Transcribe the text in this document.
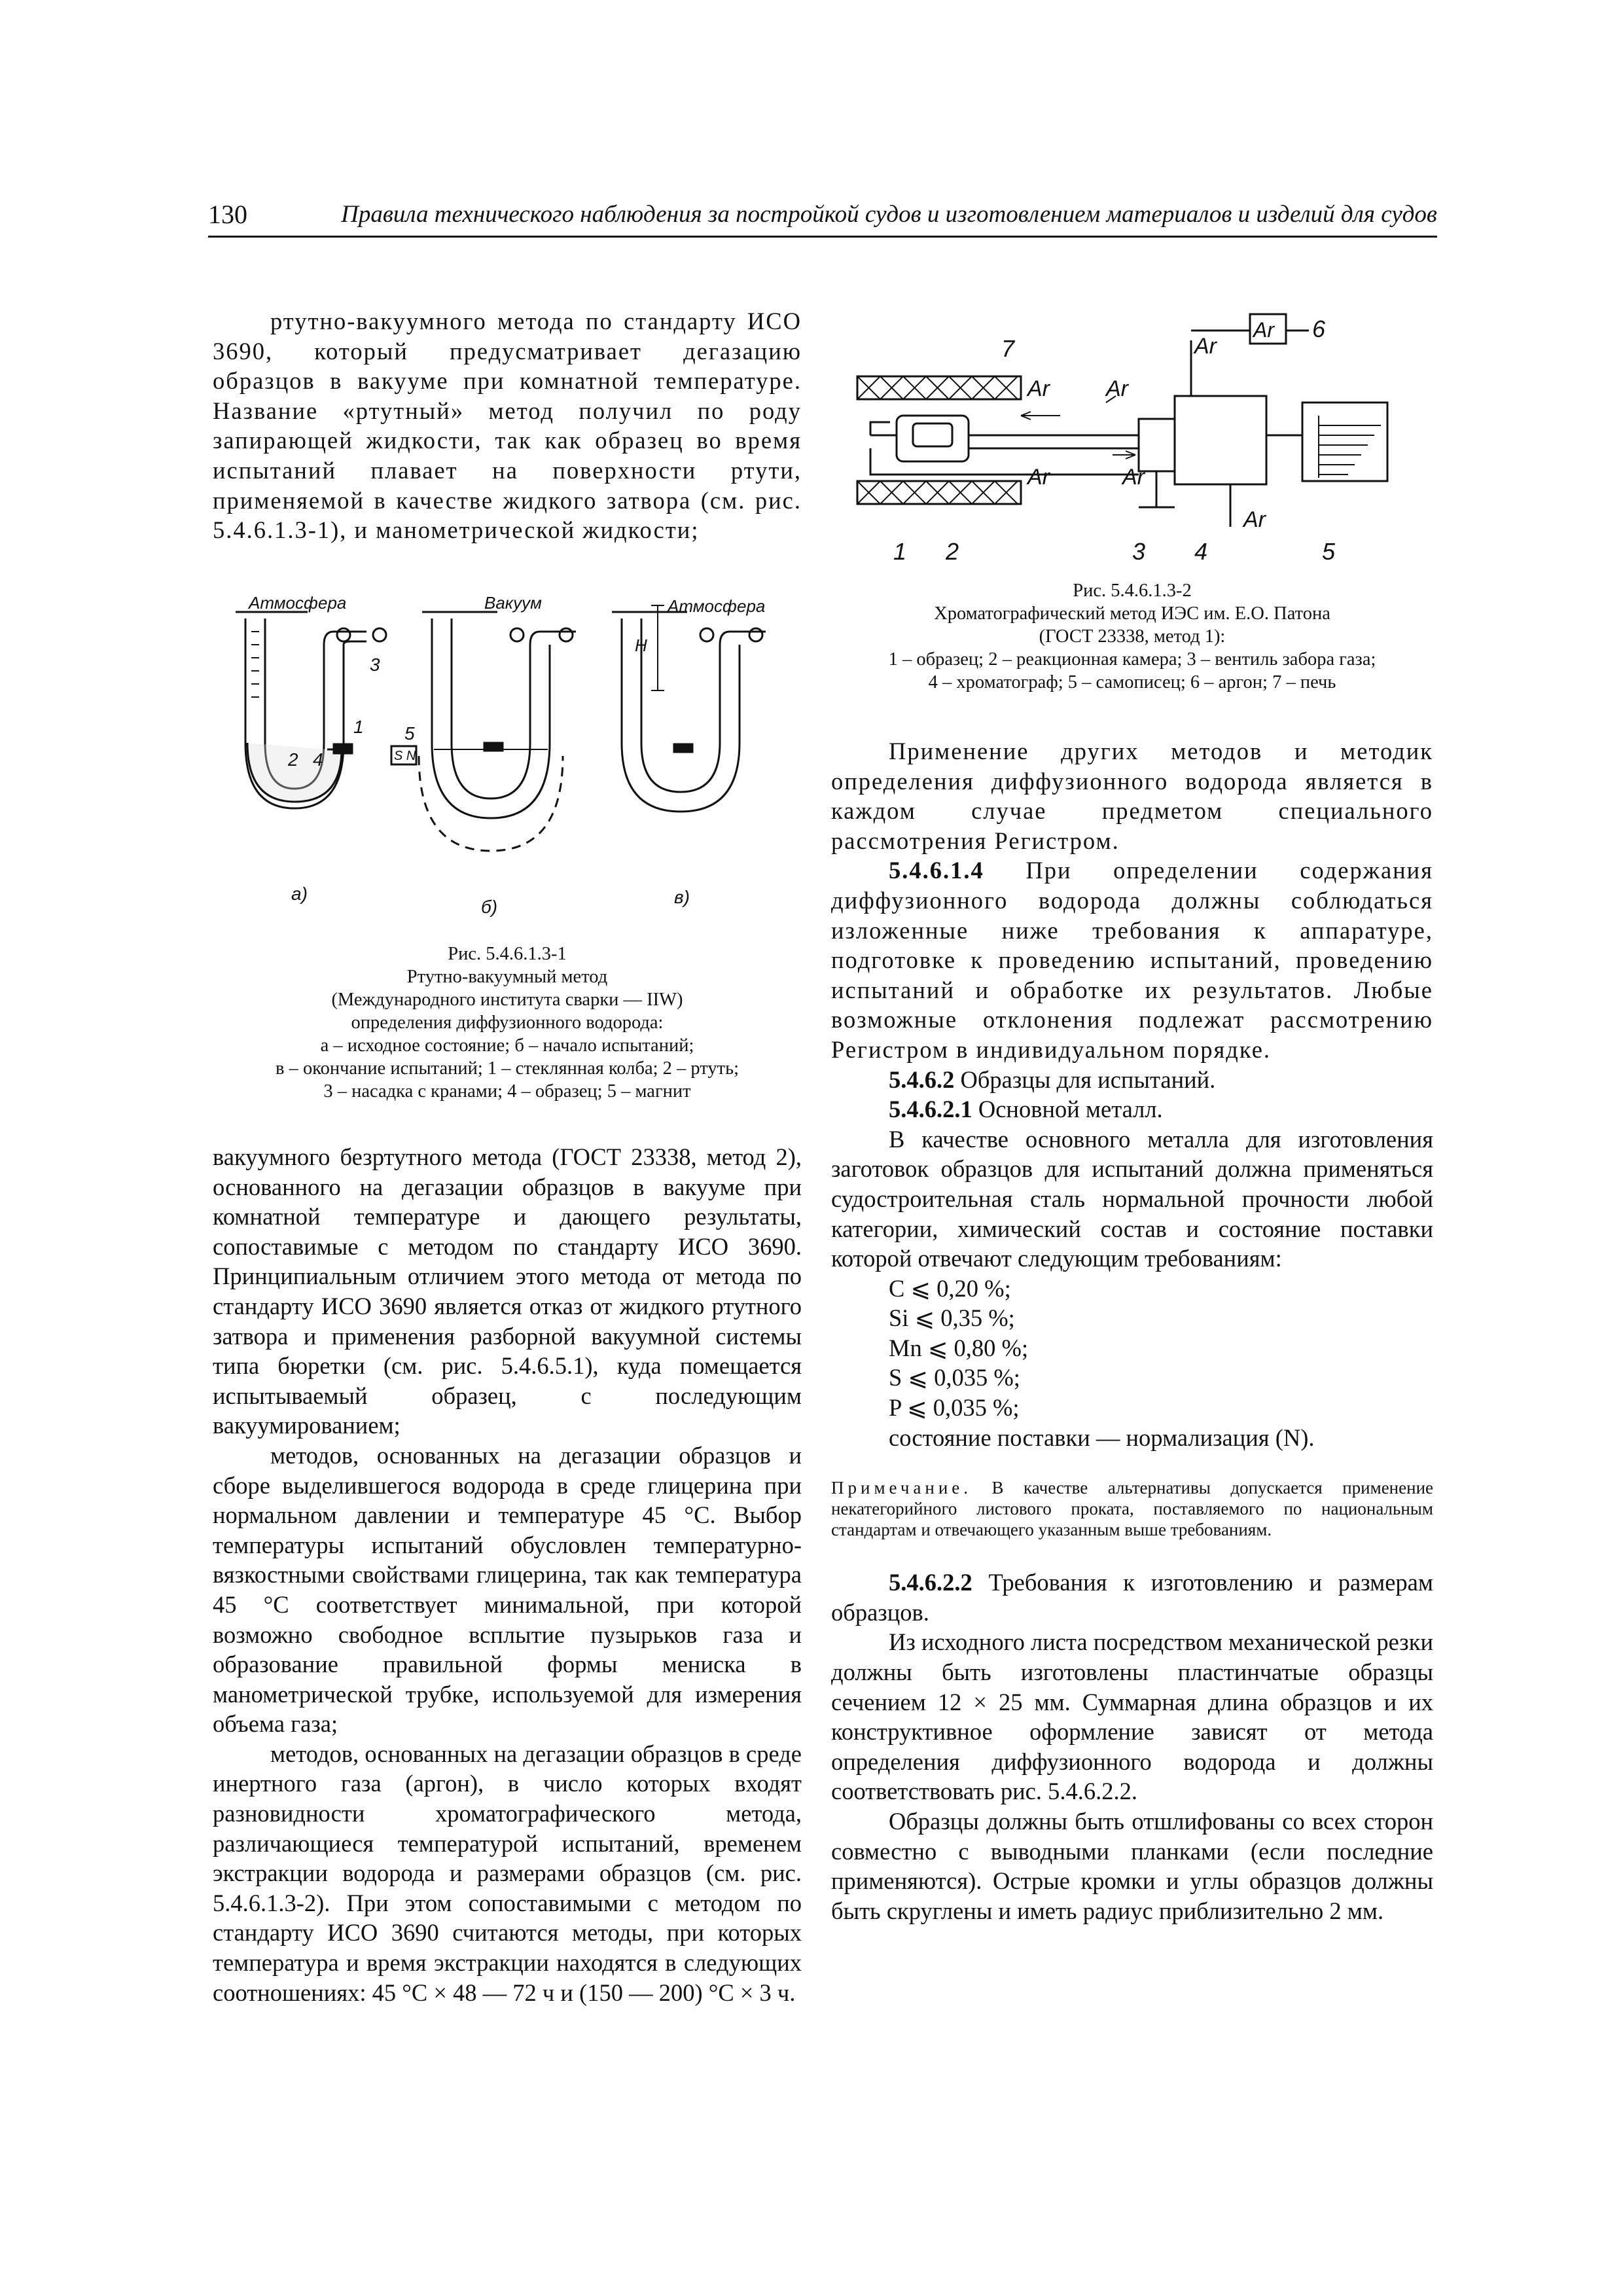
130	Правила технического наблюдения за постройкой судов и изготовлением материалов и изделий для судов

ртутно-вакуумного метода по стандарту ИСО 3690, который предусматривает дегазацию образцов в вакууме при комнатной температуре. Название «ртутный» метод получил по роду запирающей жидкости, так как образец во время испытаний плавает на поверхности ртути, применяемой в качестве жидкого затвора (см. рис. 5.4.6.1.3-1), и манометрической жидкости;

Атмосфера	Вакуум	Атмосфера
H
3
1
2 4
5
S N
а)
б)	в)
Рис. 5.4.6.1.3-1
Ртутно-вакуумный метод
(Международного института сварки — IIW)
определения диффузионного водорода:
а – исходное состояние; б – начало испытаний;
в – окончание испытаний; 1 – стеклянная колба; 2 – ртуть;
3 – насадка с кранами; 4 – образец; 5 – магнит

вакуумного безртутного метода (ГОСТ 23338, метод 2), основанного на дегазации образцов в вакууме при комнатной температуре и дающего результаты, сопоставимые с методом по стандарту ИСО 3690. Принципиальным отличием этого метода от метода по стандарту ИСО 3690 является отказ от жидкого ртутного затвора и применения разборной вакуумной системы типа бюретки (см. рис. 5.4.6.5.1), куда помещается испытываемый образец, с последующим вакуумированием;

методов, основанных на дегазации образцов и сборе выделившегося водорода в среде глицерина при нормальном давлении и температуре 45 °С. Выбор температуры испытаний обусловлен температурно-вязкостными свойствами глицерина, так как температура 45 °С соответствует минимальной, при которой возможно свободное всплытие пузырьков газа и образование правильной формы мениска в манометрической трубке, используемой для измерения объема газа;

методов, основанных на дегазации образцов в среде инертного газа (аргон), в число которых входят разновидности хроматографического метода, различающиеся температурой испытаний, временем экстракции водорода и размерами образцов (см. рис. 5.4.6.1.3-2). При этом сопоставимыми с методом по стандарту ИСО 3690 считаются методы, при которых температура и время экстракции находятся в следующих соотношениях: 45 °С × 48 — 72 ч и (150 — 200) °С × 3 ч.

Ar	Ar
Ar
Ar
Ar	Ar
Ar
7
6
1 2	3 4	5
Рис. 5.4.6.1.3-2
Хроматографический метод ИЭС им. Е.О. Патона
(ГОСТ 23338, метод 1):
1 – образец; 2 – реакционная камера; 3 – вентиль забора газа;
4 – хроматограф; 5 – самописец; 6 – аргон; 7 – печь

Применение других методов и методик определения диффузионного водорода является в каждом случае предметом специального рассмотрения Регистром.

5.4.6.1.4 При определении содержания диффузионного водорода должны соблюдаться изложенные ниже требования к аппаратуре, подготовке к проведению испытаний, проведению испытаний и обработке их результатов. Любые возможные отклонения подлежат рассмотрению Регистром в индивидуальном порядке.

5.4.6.2 Образцы для испытаний.

5.4.6.2.1 Основной металл.

В качестве основного металла для изготовления заготовок образцов для испытаний должна применяться судостроительная сталь нормальной прочности любой категории, химический состав и состояние поставки которой отвечают следующим требованиям:

C ⩽ 0,20 %;

Si ⩽ 0,35 %;

Mn ⩽ 0,80 %;

S ⩽ 0,035 %;

P ⩽ 0,035 %;

состояние поставки — нормализация (N).

Примечание. В качестве альтернативы допускается применение некатегорийного листового проката, поставляемого по национальным стандартам и отвечающего указанным выше требованиям.

5.4.6.2.2 Требования к изготовлению и размерам образцов.

Из исходного листа посредством механической резки должны быть изготовлены пластинчатые образцы сечением 12 × 25 мм. Суммарная длина образцов и их конструктивное оформление зависят от метода определения диффузионного водорода и должны соответствовать рис. 5.4.6.2.2.

Образцы должны быть отшлифованы со всех сторон совместно с выводными планками (если последние применяются). Острые кромки и углы образцов должны быть скруглены и иметь радиус приблизительно 2 мм.
